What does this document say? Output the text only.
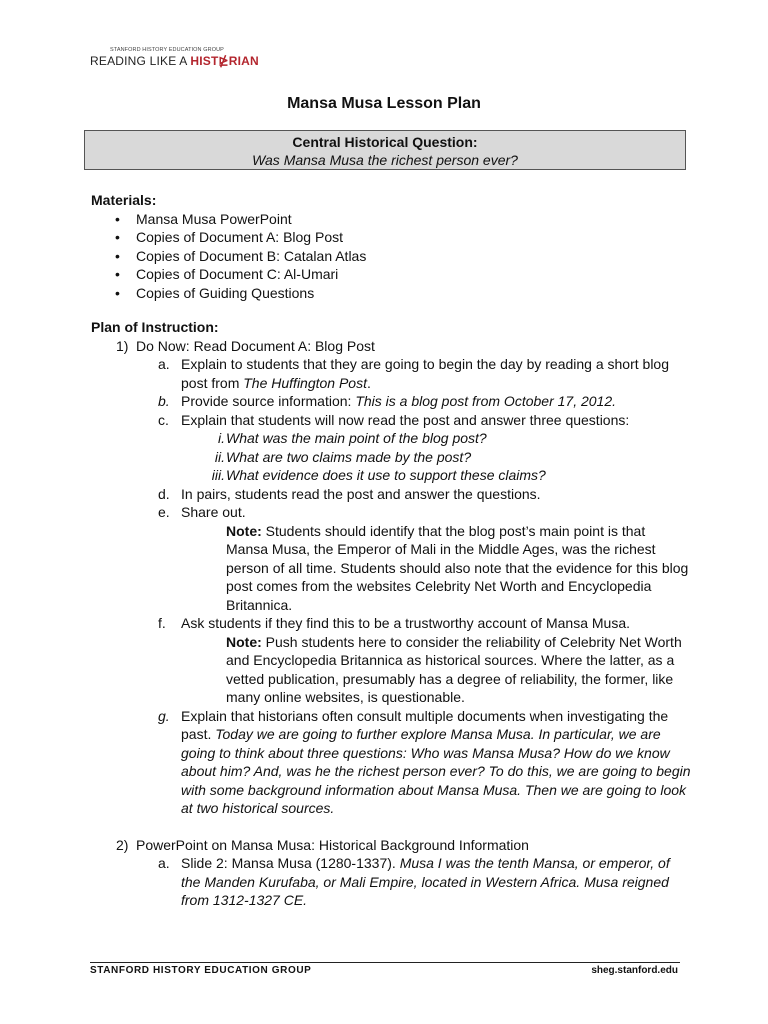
STANFORD HISTORY EDUCATION GROUP
READING LIKE A HIST⋭RIAN
Mansa Musa Lesson Plan
Central Historical Question:
Was Mansa Musa the richest person ever?

Materials:

• Mansa Musa PowerPoint
• Copies of Document A: Blog Post
• Copies of Document B: Catalan Atlas
• Copies of Document C: Al-Umari
• Copies of Guiding Questions

Plan of Instruction:

1) Do Now: Read Document A: Blog Post
a. Explain to students that they are going to begin the day by reading a short blog post from The Huffington Post.
b. Provide source information: This is a blog post from October 17, 2012.
c. Explain that students will now read the post and answer three questions:
i. What was the main point of the blog post?
ii. What are two claims made by the post?
iii. What evidence does it use to support these claims?
d. In pairs, students read the post and answer the questions.
e. Share out.
Note: Students should identify that the blog post’s main point is that Mansa Musa, the Emperor of Mali in the Middle Ages, was the richest person of all time. Students should also note that the evidence for this blog post comes from the websites Celebrity Net Worth and Encyclopedia Britannica.
f. Ask students if they find this to be a trustworthy account of Mansa Musa.
Note: Push students here to consider the reliability of Celebrity Net Worth and Encyclopedia Britannica as historical sources. Where the latter, as a vetted publication, presumably has a degree of reliability, the former, like many online websites, is questionable.
g. Explain that historians often consult multiple documents when investigating the past. Today we are going to further explore Mansa Musa. In particular, we are going to think about three questions: Who was Mansa Musa? How do we know about him? And, was he the richest person ever? To do this, we are going to begin with some background information about Mansa Musa. Then we are going to look at two historical sources.
2) PowerPoint on Mansa Musa: Historical Background Information
a. Slide 2: Mansa Musa (1280-1337). Musa I was the tenth Mansa, or emperor, of the Manden Kurufaba, or Mali Empire, located in Western Africa. Musa reigned from 1312-1327 CE.
STANFORD HISTORY EDUCATION GROUP	sheg.stanford.edu
